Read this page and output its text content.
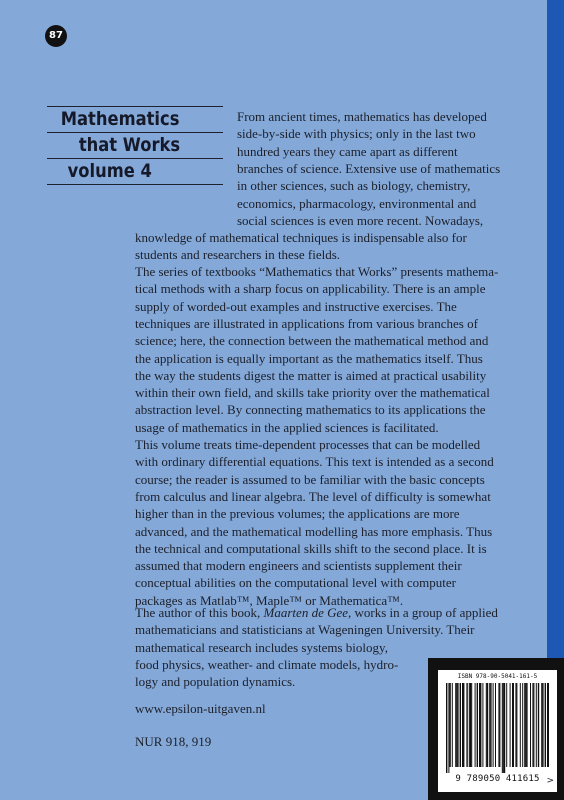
87
Mathematics
that Works
volume 4
From ancient times, mathematics has developed
side-by-side with physics; only in the last two
hundred years they came apart as different
branches of science. Extensive use of mathematics
in other sciences, such as biology, chemistry,
economics, pharmacology, environmental and
social sciences is even more recent. Nowadays,
knowledge of mathematical techniques is indispensable also for
students and researchers in these fields.
The series of textbooks “Mathematics that Works” presents mathema-
tical methods with a sharp focus on applicability. There is an ample
supply of worded-out examples and instructive exercises. The
techniques are illustrated in applications from various branches of
science; here, the connection between the mathematical method and
the application is equally important as the mathematics itself. Thus
the way the students digest the matter is aimed at practical usability
within their own field, and skills take priority over the mathematical
abstraction level. By connecting mathematics to its applications the
usage of mathematics in the applied sciences is facilitated.
This volume treats time-dependent processes that can be modelled
with ordinary differential equations. This text is intended as a second
course; the reader is assumed to be familiar with the basic concepts
from calculus and linear algebra. The level of difficulty is somewhat
higher than in the previous volumes; the applications are more
advanced, and the mathematical modelling has more emphasis. Thus
the technical and computational skills shift to the second place. It is
assumed that modern engineers and scientists supplement their
conceptual abilities on the computational level with computer
packages as Matlab™, Maple™ or Mathematica™.
The author of this book, Maarten de Gee, works in a group of applied
mathematicians and statisticians at Wageningen University. Their
mathematical research includes systems biology,
food physics, weather- and climate models, hydro-
logy and population dynamics.
www.epsilon-uitgaven.nl
NUR 918, 919
ISBN 978-90-5041-161-5
9 789050 411615 >
